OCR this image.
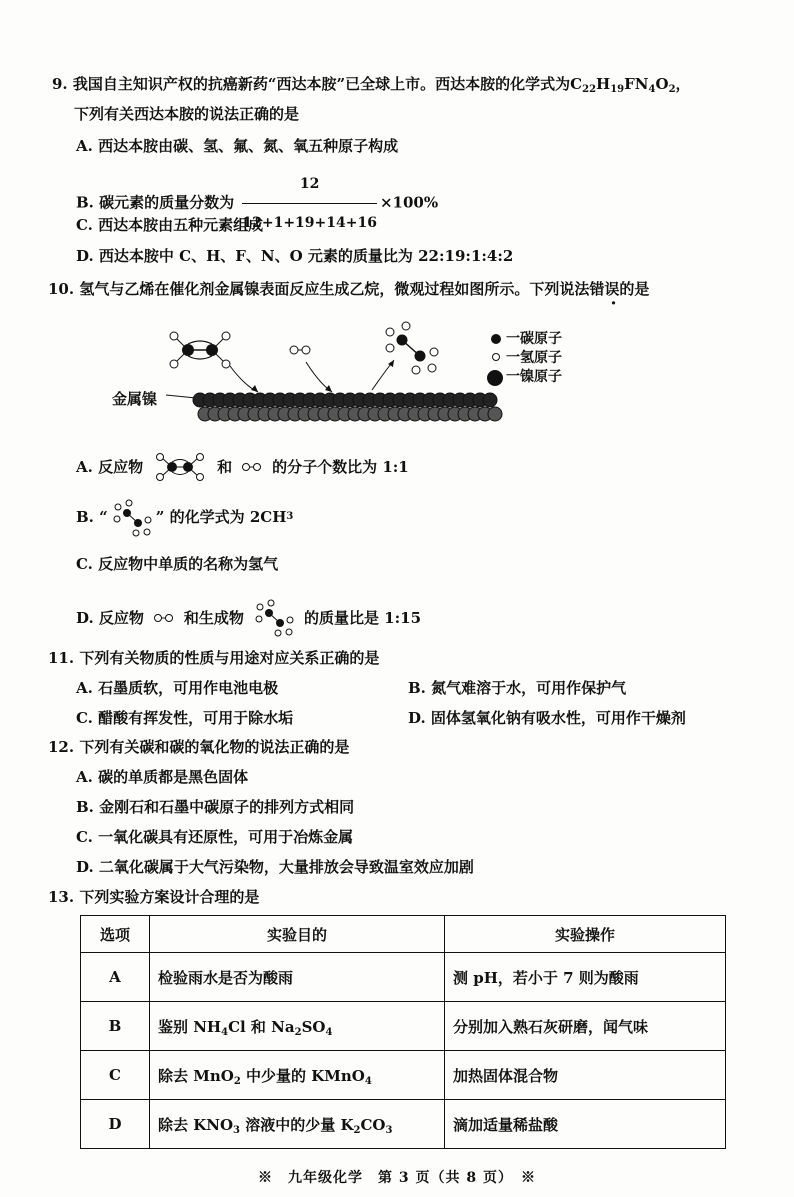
9. 我国自主知识产权的抗癌新药“西达本胺”已全球上市。西达本胺的化学式为$C_{22}H_{19}FN_4O_2$，
下列有关西达本胺的说法正确的是
A. 西达本胺由碳、氢、氟、氮、氧五种原子构成
B. 碳元素的质量分数为 $\frac{12}{12+1+19+14+16} \times 100\%$
C. 西达本胺由五种元素组成
D. 西达本胺中 C、H、F、N、O 元素的质量比为 22:19:1:4:2
10. 氢气与乙烯在催化剂金属镍表面反应生成乙烷，微观过程如图所示。下列说法错误的是
金属镍
一碳原子
一氢原子
一镍原子
A. 反应物	和	的分子个数比为 1:1
B. “	” 的化学式为 2CH 3
C. 反应物中单质的名称为氢气
D. 反应物	和生成物	的质量比是 1:15
11. 下列有关物质的性质与用途对应关系正确的是
A. 石墨质软，可用作电池电极	B. 氮气难溶于水，可用作保护气
C. 醋酸有挥发性，可用于除水垢	D. 固体氢氧化钠有吸水性，可用作干燥剂
12. 下列有关碳和碳的氧化物的说法正确的是
A. 碳的单质都是黑色固体
B. 金刚石和石墨中碳原子的排列方式相同
C. 一氧化碳具有还原性，可用于冶炼金属
D. 二氧化碳属于大气污染物，大量排放会导致温室效应加剧
13. 下列实验方案设计合理的是
选项	实验目的	实验操作
A	检验雨水是否为酸雨	测 pH，若小于 7 则为酸雨
B	鉴别 $NH_4Cl$ 和 $Na_2SO_4$	分别加入熟石灰研磨，闻气味
C	除去 MnO$_2$ 中少量的 KMnO$_4$	加热固体混合物
D	除去 $KNO_3$ 溶液中的少量 $K_2CO_3$	滴加适量稀盐酸
※　九年级化学　第 3 页（共 8 页）　※
